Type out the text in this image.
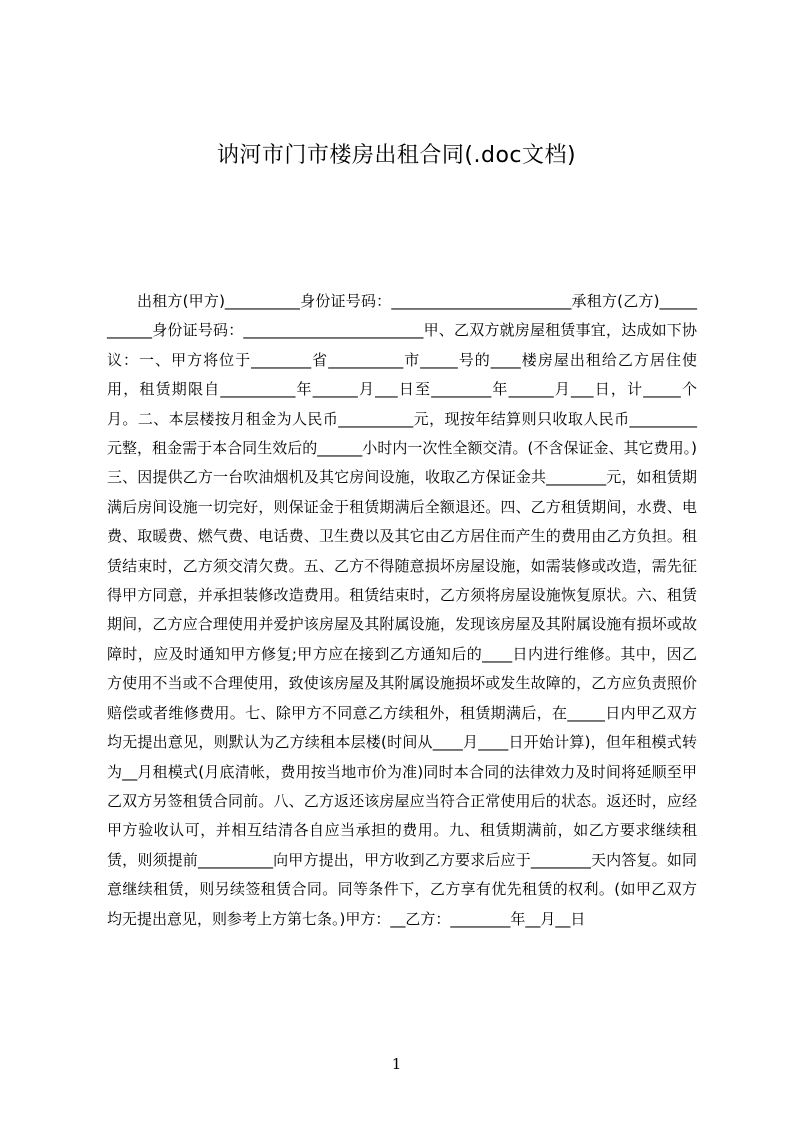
讷河市门市楼房出租合同(.doc文档)

出租方(甲方)__________身份证号码：________________________承租方(乙方)___________身份证号码：________________________甲、乙双方就房屋租赁事宜，达成如下协议：一、甲方将位于________省__________市_____号的____楼房屋出租给乙方居住使用，租赁期限自__________年______月___日至________年______月___日，计_____个月。二、本层楼按月租金为人民币__________元，现按年结算则只收取人民币_________元整，租金需于本合同生效后的______小时内一次性全额交清。(不含保证金、其它费用。)三、因提供乙方一台吹油烟机及其它房间设施，收取乙方保证金共________元，如租赁期满后房间设施一切完好，则保证金于租赁期满后全额退还。四、乙方租赁期间，水费、电费、取暖费、燃气费、电话费、卫生费以及其它由乙方居住而产生的费用由乙方负担。租赁结束时，乙方须交清欠费。五、乙方不得随意损坏房屋设施，如需装修或改造，需先征得甲方同意，并承担装修改造费用。租赁结束时，乙方须将房屋设施恢复原状。六、租赁期间，乙方应合理使用并爱护该房屋及其附属设施，发现该房屋及其附属设施有损坏或故障时，应及时通知甲方修复;甲方应在接到乙方通知后的____日内进行维修。其中，因乙方使用不当或不合理使用，致使该房屋及其附属设施损坏或发生故障的，乙方应负责照价赔偿或者维修费用。七、除甲方不同意乙方续租外，租赁期满后，在_____日内甲乙双方均无提出意见，则默认为乙方续租本层楼(时间从____月____日开始计算)，但年租模式转为__月租模式(月底清帐，费用按当地市价为准)同时本合同的法律效力及时间将延顺至甲乙双方另签租赁合同前。八、乙方返还该房屋应当符合正常使用后的状态。返还时，应经甲方验收认可，并相互结清各自应当承担的费用。九、租赁期满前，如乙方要求继续租赁，则须提前__________向甲方提出，甲方收到乙方要求后应于________天内答复。如同意继续租赁，则另续签租赁合同。同等条件下，乙方享有优先租赁的权利。(如甲乙双方均无提出意见，则参考上方第七条。)甲方：__乙方：________年__月__日

1
